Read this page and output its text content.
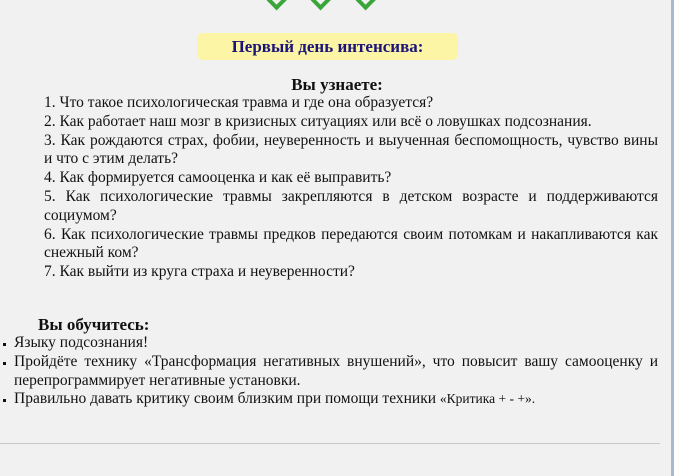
Первый день интенсива:
Вы узнаете:
1. Что такое психологическая травма и где она образуется?
2. Как работает наш мозг в кризисных ситуациях или всё о ловушках подсознания.
3. Как рождаются страх, фобии, неуверенность и выученная беспомощность, чувство вины и что с этим делать?
4. Как формируется самооценка и как её выправить?
5. Как психологические травмы закрепляются в детском возрасте и поддерживаются социумом?
6. Как психологические травмы предков передаются своим потомкам и накапливаются как снежный ком?
7. Как выйти из круга страха и неуверенности?
Вы обучитесь:
Языку подсознания!
Пройдёте технику «Трансформация негативных внушений», что повысит вашу самооценку и перепрограммирует негативные установки.
Правильно давать критику своим близким при помощи техники «Критика + - +».
